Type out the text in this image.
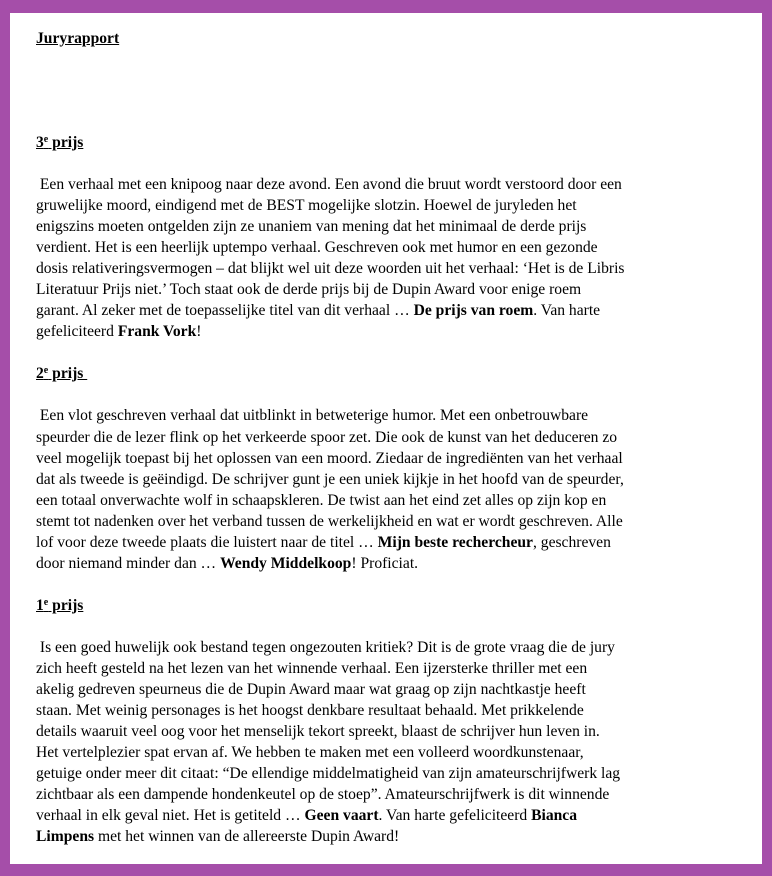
Juryrapport

3e prijs

Een verhaal met een knipoog naar deze avond. Een avond die bruut wordt verstoord door een
gruwelijke moord, eindigend met de BEST mogelijke slotzin. Hoewel de juryleden het
enigszins moeten ontgelden zijn ze unaniem van mening dat het minimaal de derde prijs
verdient. Het is een heerlijk uptempo verhaal. Geschreven ook met humor en een gezonde
dosis relativeringsvermogen – dat blijkt wel uit deze woorden uit het verhaal: ‘Het is de Libris
Literatuur Prijs niet.’ Toch staat ook de derde prijs bij de Dupin Award voor enige roem
garant. Al zeker met de toepasselijke titel van dit verhaal … De prijs van roem. Van harte
gefeliciteerd Frank Vork!

2e prijs

Een vlot geschreven verhaal dat uitblinkt in betweterige humor. Met een onbetrouwbare
speurder die de lezer flink op het verkeerde spoor zet. Die ook de kunst van het deduceren zo
veel mogelijk toepast bij het oplossen van een moord. Ziedaar de ingrediënten van het verhaal
dat als tweede is geëindigd. De schrijver gunt je een uniek kijkje in het hoofd van de speurder,
een totaal onverwachte wolf in schaapskleren. De twist aan het eind zet alles op zijn kop en
stemt tot nadenken over het verband tussen de werkelijkheid en wat er wordt geschreven. Alle
lof voor deze tweede plaats die luistert naar de titel … Mijn beste rechercheur, geschreven
door niemand minder dan … Wendy Middelkoop! Proficiat.

1e prijs

Is een goed huwelijk ook bestand tegen ongezouten kritiek? Dit is de grote vraag die de jury
zich heeft gesteld na het lezen van het winnende verhaal. Een ijzersterke thriller met een
akelig gedreven speurneus die de Dupin Award maar wat graag op zijn nachtkastje heeft
staan. Met weinig personages is het hoogst denkbare resultaat behaald. Met prikkelende
details waaruit veel oog voor het menselijk tekort spreekt, blaast de schrijver hun leven in.
Het vertelplezier spat ervan af. We hebben te maken met een volleerd woordkunstenaar,
getuige onder meer dit citaat: “De ellendige middelmatigheid van zijn amateurschrijfwerk lag
zichtbaar als een dampende hondenkeutel op de stoep”. Amateurschrijfwerk is dit winnende
verhaal in elk geval niet. Het is getiteld … Geen vaart. Van harte gefeliciteerd Bianca
Limpens met het winnen van de allereerste Dupin Award!
